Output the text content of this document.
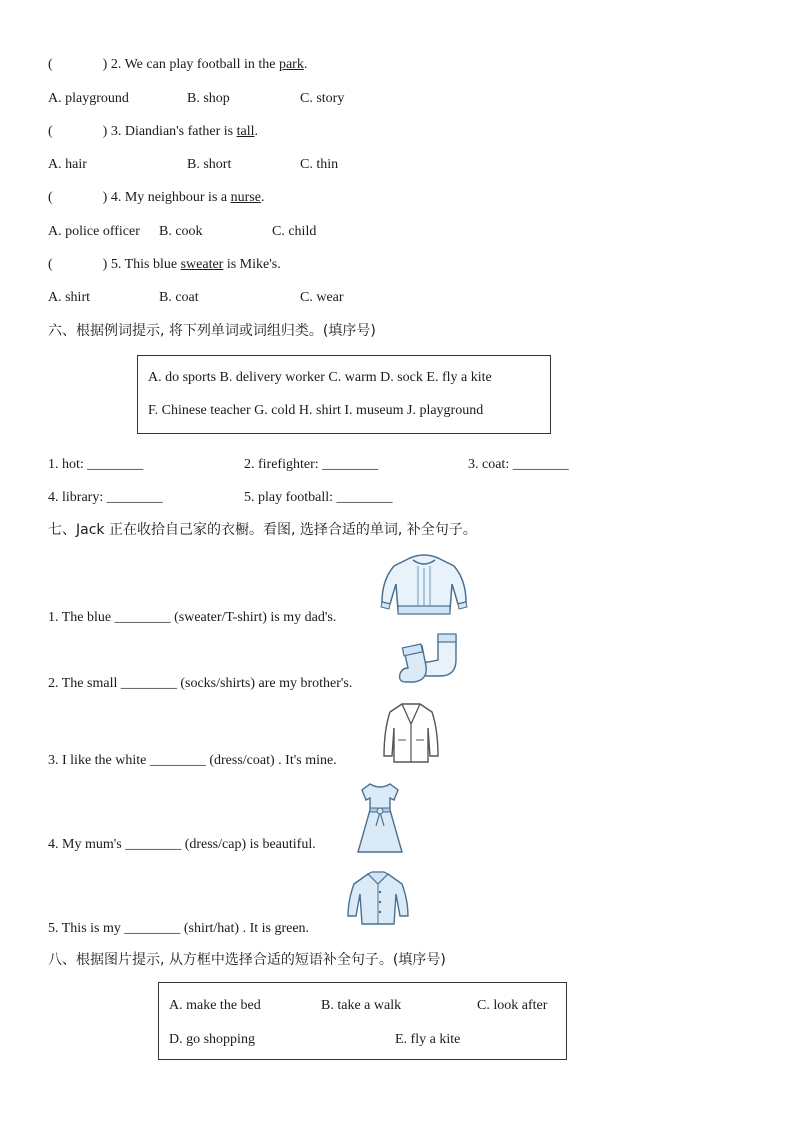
(	) 2. We can play football in the park.
A. playground	B. shop	C. story
(	) 3. Diandian's father is tall.
A. hair	B. short	C. thin
(	) 4. My neighbour is a nurse.
A. police officer B. cook	C. child
(	) 5. This blue sweater is Mike's.
A. shirt	B. coat	C. wear
六、根据例词提示, 将下列单词或词组归类。(填序号)
A. do sports B. delivery worker C. warm D. sock E. fly a kite
F. Chinese teacher G. cold H. shirt I. museum J. playground
1. hot: ________	2. firefighter: ________	3. coat: ________
4. library: ________	5. play football: ________
七、Jack 正在收拾自己家的衣橱。看图, 选择合适的单词, 补全句子。
1. The blue ________ (sweater/T-shirt) is my dad's.
2. The small ________ (socks/shirts) are my brother's.
3. I like the white ________ (dress/coat) . It's mine.
4. My mum's ________ (dress/cap) is beautiful.
5. This is my ________ (shirt/hat) . It is green.
八、根据图片提示, 从方框中选择合适的短语补全句子。(填序号)
A. make the bed	B. take a walk	C. look after
D. go shopping	E. fly a kite
